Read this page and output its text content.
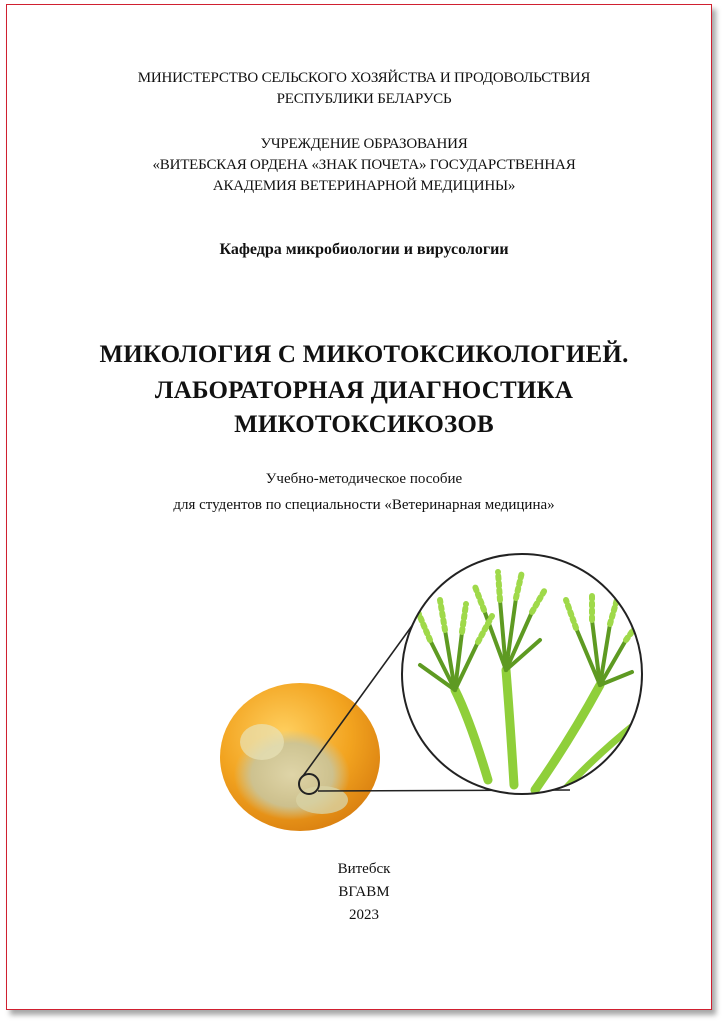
МИНИСТЕРСТВО СЕЛЬСКОГО ХОЗЯЙСТВА И ПРОДОВОЛЬСТВИЯ

РЕСПУБЛИКИ БЕЛАРУСЬ

УЧРЕЖДЕНИЕ ОБРАЗОВАНИЯ

«ВИТЕБСКАЯ ОРДЕНА «ЗНАК ПОЧЕТА» ГОСУДАРСТВЕННАЯ

АКАДЕМИЯ ВЕТЕРИНАРНОЙ МЕДИЦИНЫ»

Кафедра микробиологии и вирусологии

МИКОЛОГИЯ С МИКОТОКСИКОЛОГИЕЙ.

ЛАБОРАТОРНАЯ ДИАГНОСТИКА

МИКОТОКСИКОЗОВ

Учебно-методическое пособие

для студентов по специальности «Ветеринарная медицина»

Витебск

ВГАВМ

2023
